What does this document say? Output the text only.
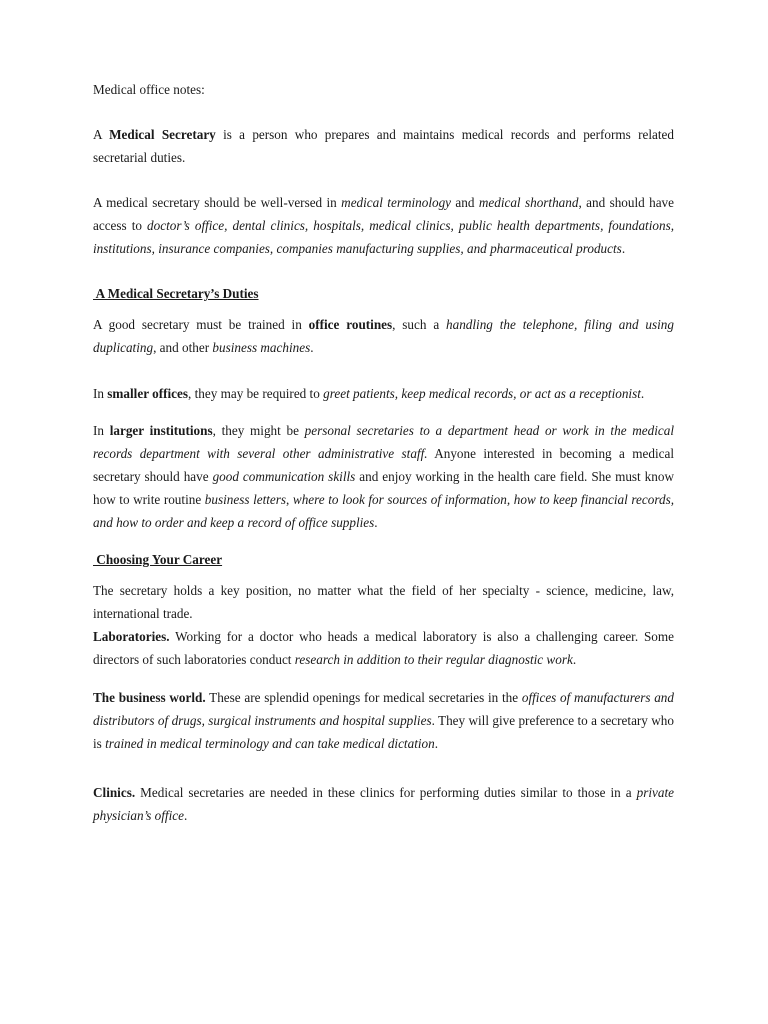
Medical office notes:

A Medical Secretary is a person who prepares and maintains medical records and performs related secretarial duties.

A medical secretary should be well-versed in medical terminology and medical shorthand, and should have access to doctor’s office, dental clinics, hospitals, medical clinics, public health departments, foundations, institutions, insurance companies, companies manufacturing supplies, and pharmaceutical products.

A Medical Secretary’s Duties

A good secretary must be trained in office routines, such a handling the telephone, filing and using duplicating, and other business machines.

In smaller offices, they may be required to greet patients, keep medical records, or act as a receptionist.

In larger institutions, they might be personal secretaries to a department head or work in the medical records department with several other administrative staff. Anyone interested in becoming a medical secretary should have good communication skills and enjoy working in the health care field. She must know how to write routine business letters, where to look for sources of information, how to keep financial records, and how to order and keep a record of office supplies.

Choosing Your Career

The secretary holds a key position, no matter what the field of her specialty - science, medicine, law, international trade.

Laboratories. Working for a doctor who heads a medical laboratory is also a challenging career. Some directors of such laboratories conduct research in addition to their regular diagnostic work.

The business world. These are splendid openings for medical secretaries in the offices of manufacturers and distributors of drugs, surgical instruments and hospital supplies. They will give preference to a secretary who is trained in medical terminology and can take medical dictation.

Clinics. Medical secretaries are needed in these clinics for performing duties similar to those in a private physician’s office.
